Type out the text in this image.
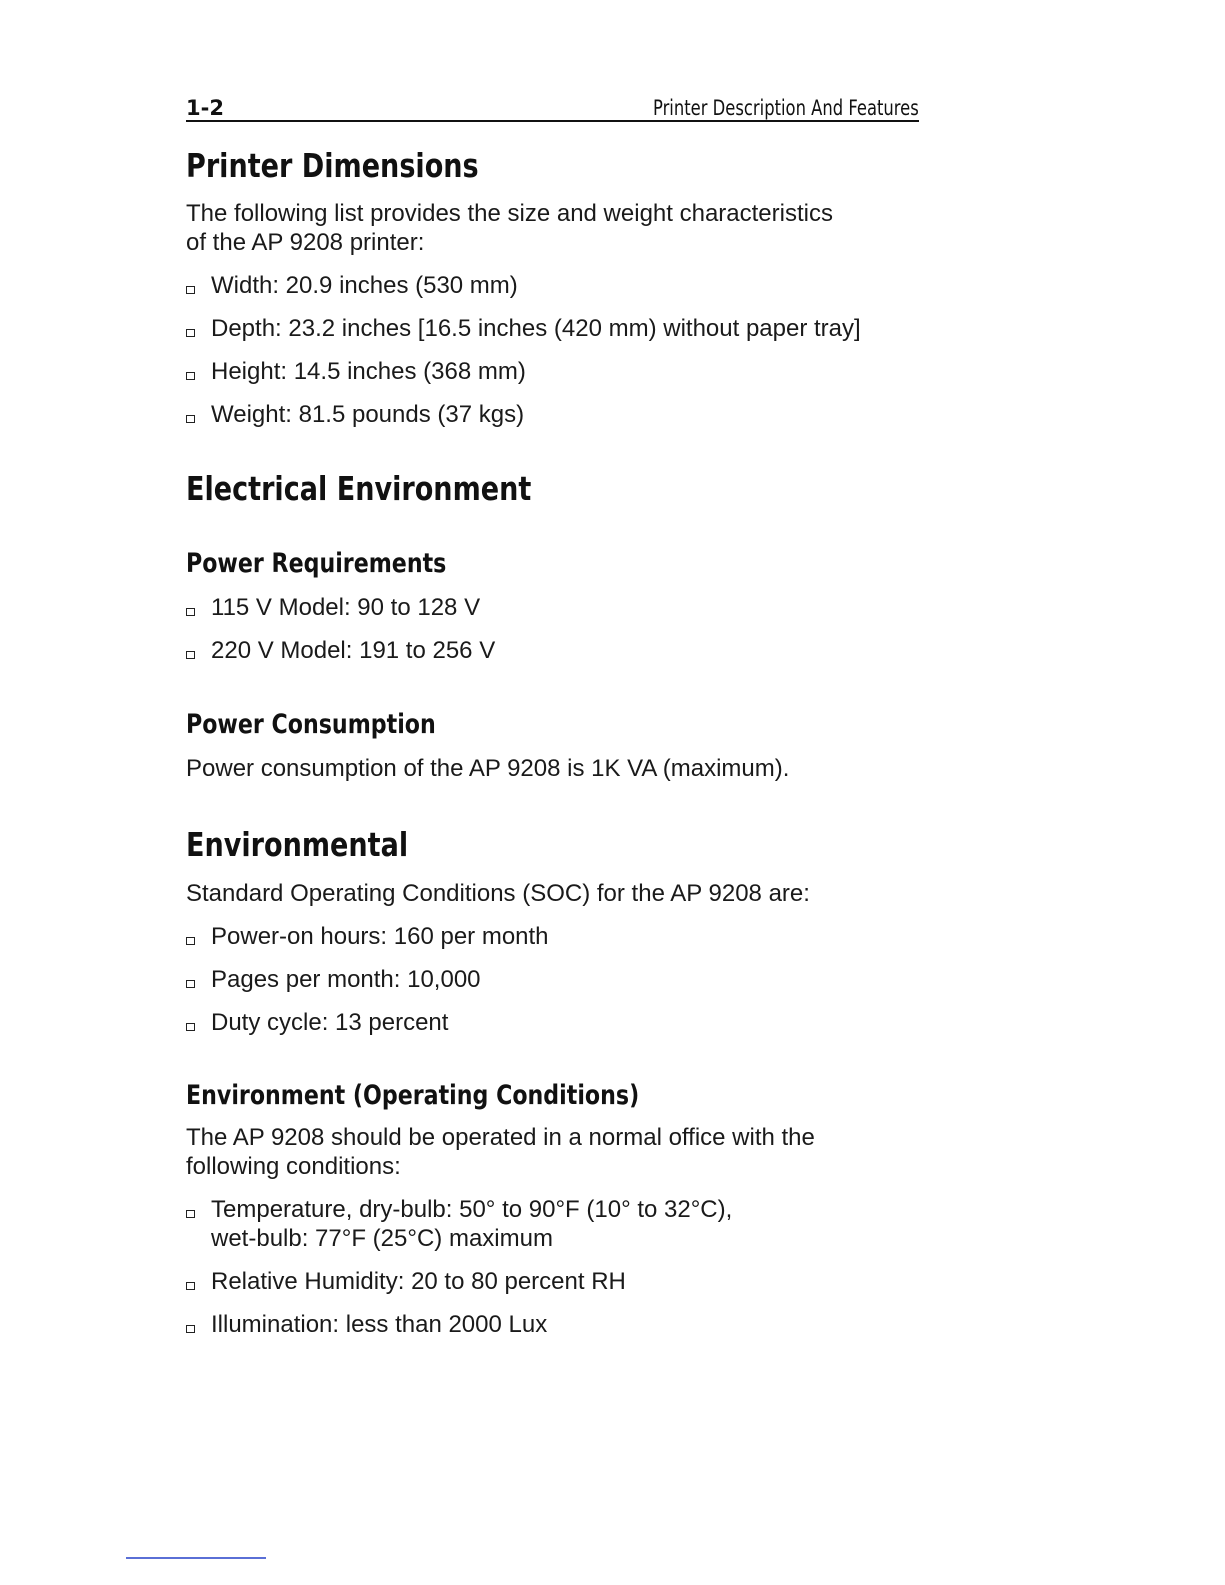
1-2	Printer Description And Features
Printer Dimensions

The following list provides the size and weight characteristics

of the AP 9208 printer:

Width: 20.9 inches (530 mm)
Depth: 23.2 inches [16.5 inches (420 mm) without paper tray]
Height: 14.5 inches (368 mm)
Weight: 81.5 pounds (37 kgs)
Electrical Environment
Power Requirements
115 V Model: 90 to 128 V
220 V Model: 191 to 256 V
Power Consumption

Power consumption of the AP 9208 is 1K VA (maximum).

Environmental

Standard Operating Conditions (SOC) for the AP 9208 are:

Power-on hours: 160 per month
Pages per month: 10,000
Duty cycle: 13 percent
Environment (Operating Conditions)

The AP 9208 should be operated in a normal office with the

following conditions:

Temperature, dry-bulb: 50° to 90°F (10° to 32°C),
wet-bulb: 77°F (25°C) maximum
Relative Humidity: 20 to 80 percent RH
Illumination: less than 2000 Lux
